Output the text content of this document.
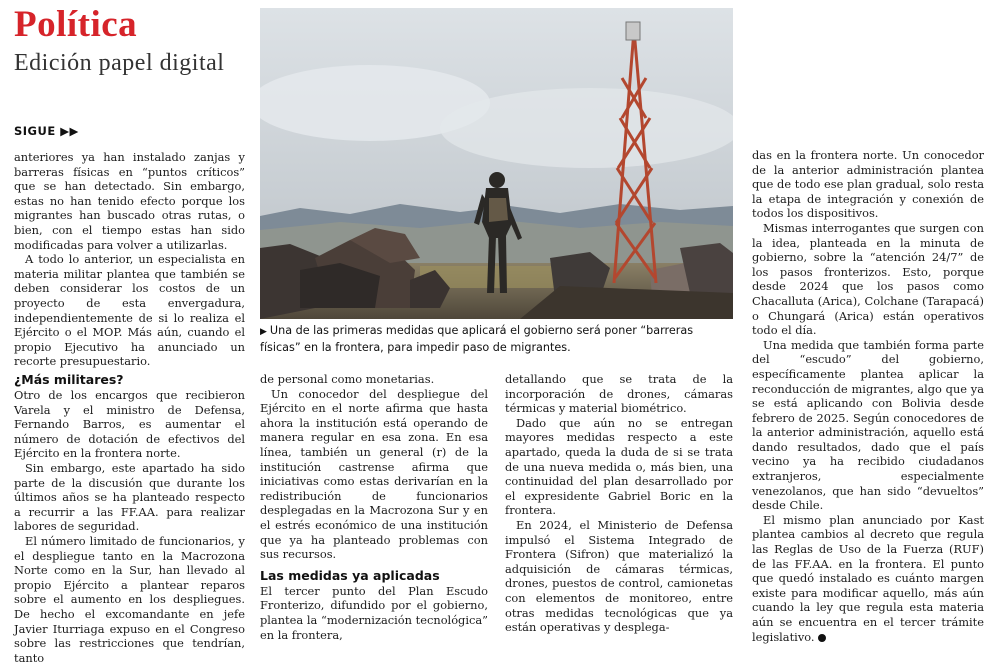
Política
Edición papel digital
SIGUE ▶▶
▶ Una de las primeras medidas que aplicará el gobierno será poner “barreras físicas” en la frontera, para impedir paso de migrantes.

anteriores ya han instalado zanjas y barreras físicas en “puntos críticos” que se han detectado. Sin embargo, estas no han tenido efecto porque los migrantes han buscado otras rutas, o bien, con el tiempo estas han sido modificadas para volver a utilizarlas.

A todo lo anterior, un especialista en materia militar plantea que también se deben considerar los costos de un proyecto de esta envergadura, independientemente de si lo realiza el Ejército o el MOP. Más aún, cuando el propio Ejecutivo ha anunciado un recorte presupuestario.

¿Más militares?

Otro de los encargos que recibieron Varela y el ministro de Defensa, Fernando Barros, es aumentar el número de dotación de efectivos del Ejército en la frontera norte.

Sin embargo, este apartado ha sido parte de la discusión que durante los últimos años se ha planteado respecto a recurrir a las FF.AA. para realizar labores de seguridad.

El número limitado de funcionarios, y el despliegue tanto en la Macrozona Norte como en la Sur, han llevado al propio Ejército a plantear reparos sobre el aumento en los despliegues. De hecho el excomandante en jefe Javier Iturriaga expuso en el Congreso sobre las restricciones que tendrían, tanto

de personal como monetarias.

Un conocedor del despliegue del Ejército en el norte afirma que hasta ahora la institución está operando de manera regular en esa zona. En esa línea, también un general (r) de la institución castrense afirma que iniciativas como estas derivarían en la redistribución de funcionarios desplegadas en la Macrozona Sur y en el estrés económico de una institución que ya ha planteado problemas con sus recursos.

Las medidas ya aplicadas

El tercer punto del Plan Escudo Fronterizo, difundido por el gobierno, plantea la “modernización tecnológica” en la frontera,

detallando que se trata de la incorporación de drones, cámaras térmicas y material biométrico.

Dado que aún no se entregan mayores medidas respecto a este apartado, queda la duda de si se trata de una nueva medida o, más bien, una continuidad del plan desarrollado por el expresidente Gabriel Boric en la frontera.

En 2024, el Ministerio de Defensa impulsó el Sistema Integrado de Frontera (Sifron) que materializó la adquisición de cámaras térmicas, drones, puestos de control, camionetas con elementos de monitoreo, entre otras medidas tecnológicas que ya están operativas y desplega-

das en la frontera norte. Un conocedor de la anterior administración plantea que de todo ese plan gradual, solo resta la etapa de integración y conexión de todos los dispositivos.

Mismas interrogantes que surgen con la idea, planteada en la minuta de gobierno, sobre la “atención 24/7” de los pasos fronterizos. Esto, porque desde 2024 que los pasos como Chacalluta (Arica), Colchane (Tarapacá) o Chungará (Arica) están operativos todo el día.

Una medida que también forma parte del “escudo” del gobierno, específicamente plantea aplicar la reconducción de migrantes, algo que ya se está aplicando con Bolivia desde febrero de 2025. Según conocedores de la anterior administración, aquello está dando resultados, dado que el país vecino ya ha recibido ciudadanos extranjeros, especialmente venezolanos, que han sido “devueltos” desde Chile.

El mismo plan anunciado por Kast plantea cambios al decreto que regula las Reglas de Uso de la Fuerza (RUF) de las FF.AA. en la frontera. El punto que quedó instalado es cuánto margen existe para modificar aquello, más aún cuando la ley que regula esta materia aún se encuentra en el tercer trámite legislativo.
